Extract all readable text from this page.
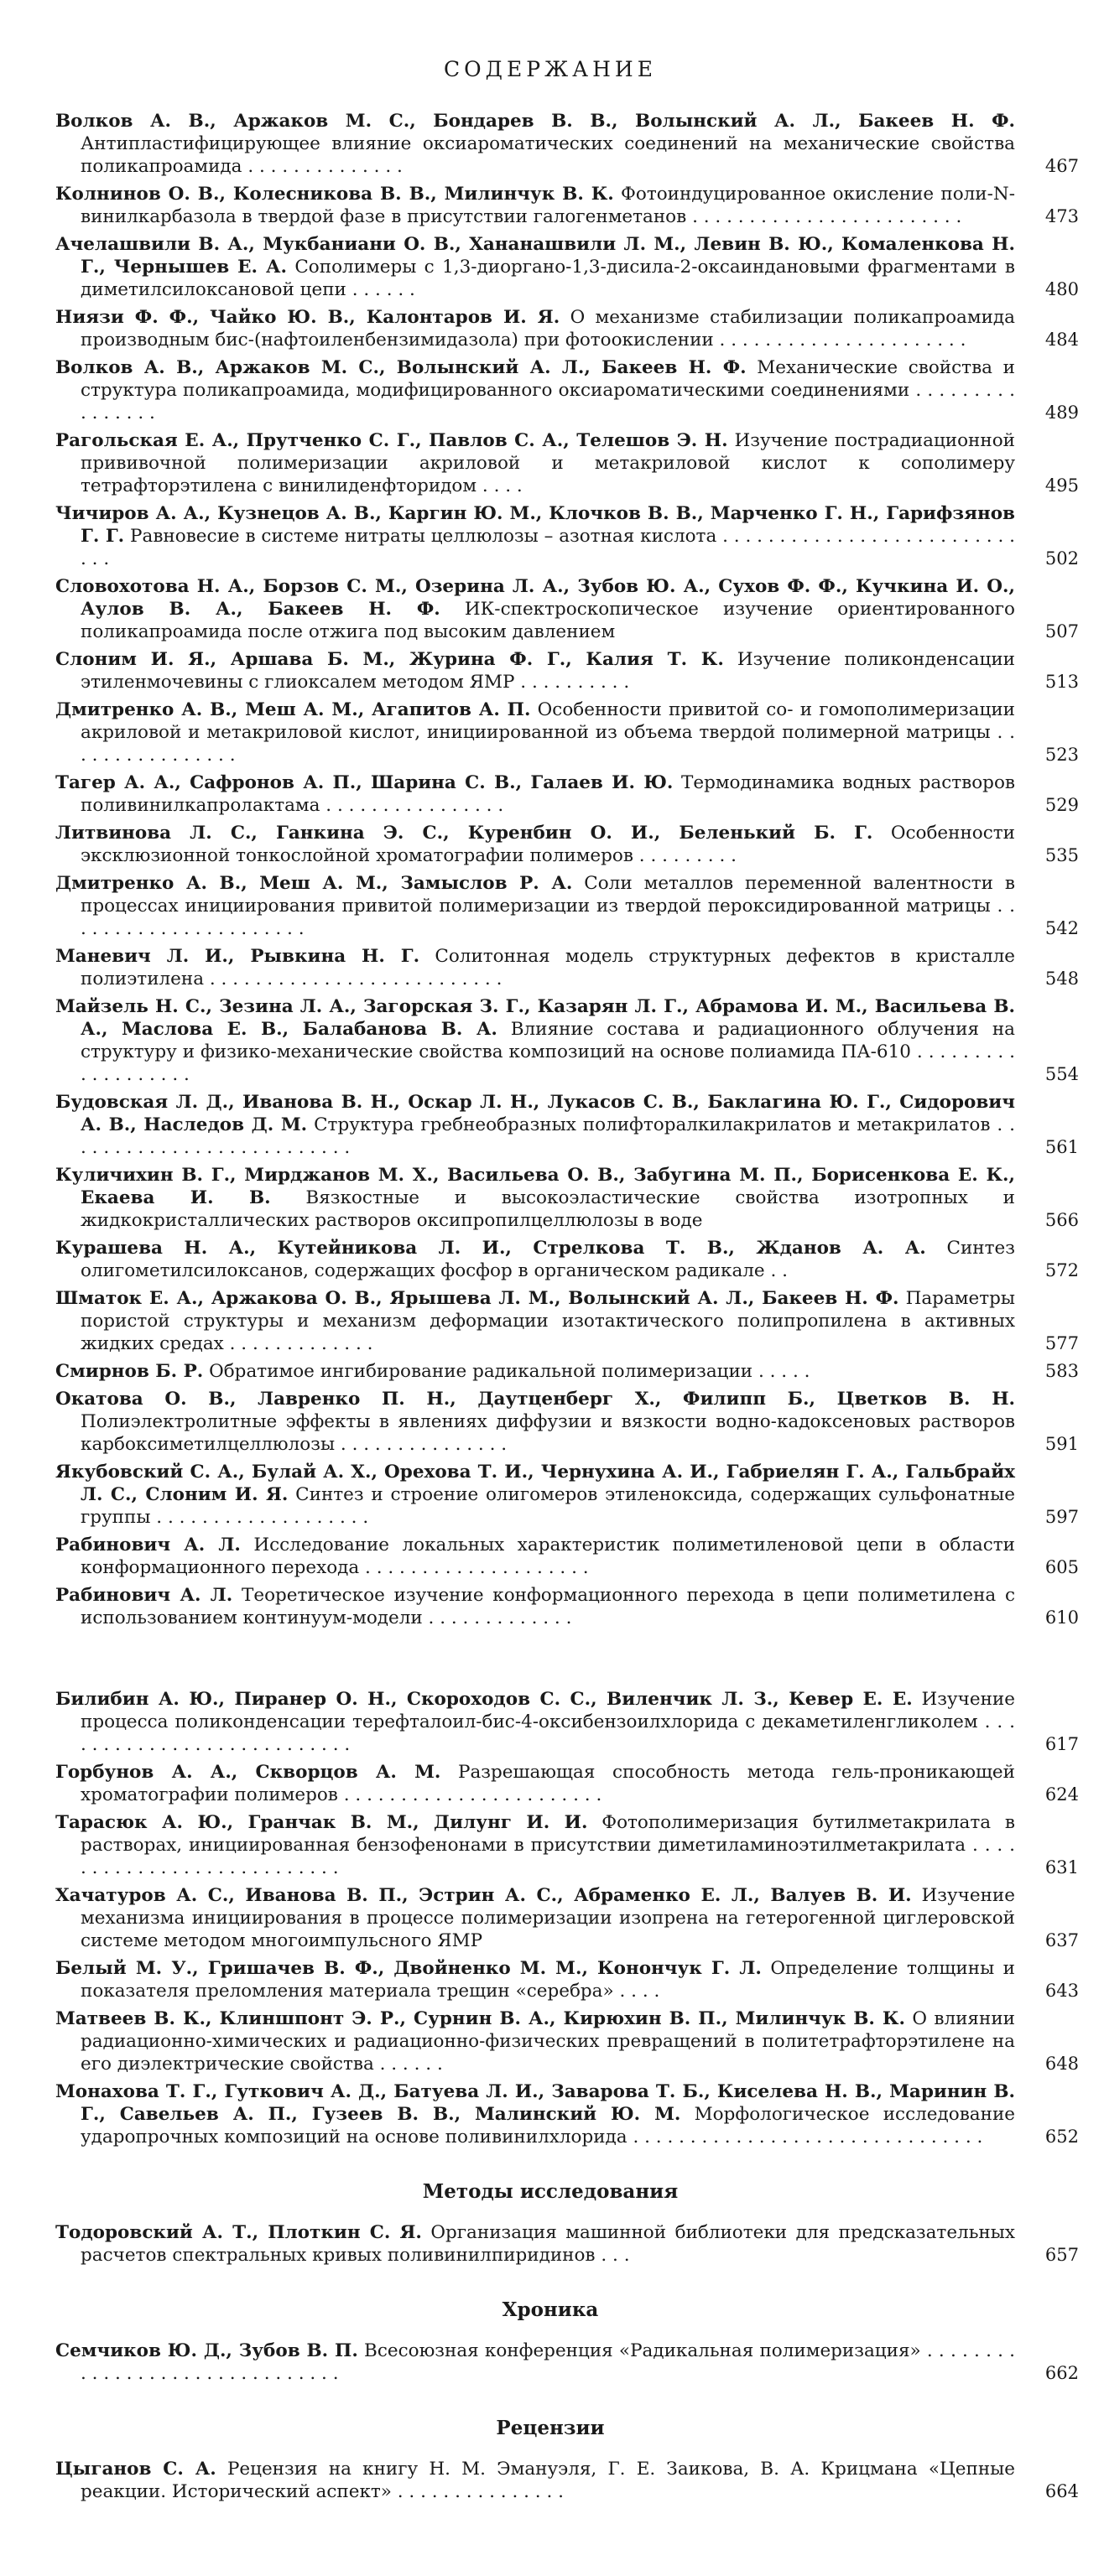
СОДЕРЖАНИЕ
Волков А. В., Аржаков М. С., Бондарев В. В., Волынский А. Л., Бакеев Н. Ф. Антипластифицирующее влияние оксиароматических соединений на механические свойства поликапроамида . . . . . . . . . . . . . .	467
Колнинов О. В., Колесникова В. В., Милинчук В. К. Фотоиндуцированное окисление поли-N-винилкарбазола в твердой фазе в присутствии галогенметанов . . . . . . . . . . . . . . . . . . . . . . . .	473
Ачелашвили В. А., Мукбаниани О. В., Хананашвили Л. М., Левин В. Ю., Комаленкова Н. Г., Чернышев Е. А. Сополимеры с 1,3-диоргано-1,3-дисила-2-оксаиндановыми фрагментами в диметилсилоксановой цепи . . . . . .	480
Ниязи Ф. Ф., Чайко Ю. В., Калонтаров И. Я. О механизме стабилизации поликапроамида производным бис-(нафтоиленбензимидазола) при фотоокислении . . . . . . . . . . . . . . . . . . . . . .	484
Волков А. В., Аржаков М. С., Волынский А. Л., Бакеев Н. Ф. Механические свойства и структура поликапроамида, модифицированного оксиароматическими соединениями . . . . . . . . . . . . . . . .	489
Рагольская Е. А., Прутченко С. Г., Павлов С. А., Телешов Э. Н. Изучение пострадиационной прививочной полимеризации акриловой и метакриловой кислот к сополимеру тетрафторэтилена с винилиденфторидом . . . .	495
Чичиров А. А., Кузнецов А. В., Каргин Ю. М., Клочков В. В., Марченко Г. Н., Гарифзянов Г. Г. Равновесие в системе нитраты целлюлозы – азотная кислота . . . . . . . . . . . . . . . . . . . . . . . . . . . . .	502
Словохотова Н. А., Борзов С. М., Озерина Л. А., Зубов Ю. А., Сухов Ф. Ф., Кучкина И. О., Аулов В. А., Бакеев Н. Ф. ИК-спектроскопическое изучение ориентированного поликапроамида после отжига под высоким давлением	507
Слоним И. Я., Аршава Б. М., Журина Ф. Г., Калия Т. К. Изучение поликонденсации этиленмочевины с глиоксалем методом ЯМР . . . . . . . . . .	513
Дмитренко А. В., Меш А. М., Агапитов А. П. Особенности привитой со- и гомополимеризации акриловой и метакриловой кислот, инициированной из объема твердой полимерной матрицы . . . . . . . . . . . . . . . .	523
Тагер А. А., Сафронов А. П., Шарина С. В., Галаев И. Ю. Термодинамика водных растворов поливинилкапролактама . . . . . . . . . . . . . . . .	529
Литвинова Л. С., Ганкина Э. С., Куренбин О. И., Беленький Б. Г. Особенности эксклюзионной тонкослойной хроматографии полимеров . . . . . . . . .	535
Дмитренко А. В., Меш А. М., Замыслов Р. А. Соли металлов переменной валентности в процессах инициирования привитой полимеризации из твердой пероксидированной матрицы . . . . . . . . . . . . . . . . . . . . . .	542
Маневич Л. И., Рывкина Н. Г. Солитонная модель структурных дефектов в кристалле полиэтилена . . . . . . . . . . . . . . . . . . . . . . . . . .	548
Майзель Н. С., Зезина Л. А., Загорская З. Г., Казарян Л. Г., Абрамова И. М., Васильева В. А., Маслова Е. В., Балабанова В. А. Влияние состава и радиационного облучения на структуру и физико-механические свойства композиций на основе полиамида ПА-610 . . . . . . . . . . . . . . . . . . .	554
Будовская Л. Д., Иванова В. Н., Оскар Л. Н., Лукасов С. В., Баклагина Ю. Г., Сидорович А. В., Наследов Д. М. Структура гребнеобразных полифторалкилакрилатов и метакрилатов . . . . . . . . . . . . . . . . . . . . . . . . . .	561
Куличихин В. Г., Мирджанов М. Х., Васильева О. В., Забугина М. П., Борисенкова Е. К., Екаева И. В. Вязкостные и высокоэластические свойства изотропных и жидкокристаллических растворов оксипропилцеллюлозы в воде	566
Курашева Н. А., Кутейникова Л. И., Стрелкова Т. В., Жданов А. А. Синтез олигометилсилоксанов, содержащих фосфор в органическом радикале . .	572
Шматок Е. А., Аржакова О. В., Ярышева Л. М., Волынский А. Л., Бакеев Н. Ф. Параметры пористой структуры и механизм деформации изотактического полипропилена в активных жидких средах . . . . . . . . . . . . .	577
Смирнов Б. Р. Обратимое ингибирование радикальной полимеризации . . . . .	583
Окатова О. В., Лавренко П. Н., Даутценберг Х., Филипп Б., Цветков В. Н. Полиэлектролитные эффекты в явлениях диффузии и вязкости водно-кадоксеновых растворов карбоксиметилцеллюлозы . . . . . . . . . . . . . . .	591
Якубовский С. А., Булай А. Х., Орехова Т. И., Чернухина А. И., Габриелян Г. А., Гальбрайх Л. С., Слоним И. Я. Синтез и строение олигомеров этиленоксида, содержащих сульфонатные группы . . . . . . . . . . . . . . . . . . .	597
Рабинович А. Л. Исследование локальных характеристик полиметиленовой цепи в области конформационного перехода . . . . . . . . . . . . . . . . . . . .	605
Рабинович А. Л. Теоретическое изучение конформационного перехода в цепи полиметилена с использованием континуум-модели . . . . . . . . . . . . .	610
Билибин А. Ю., Пиранер О. Н., Скороходов С. С., Виленчик Л. З., Кевер Е. Е. Изучение процесса поликонденсации терефталоил-бис-4-оксибензоилхлорида с декаметиленгликолем . . . . . . . . . . . . . . . . . . . . . . . . . . .	617
Горбунов А. А., Скворцов А. М. Разрешающая способность метода гель-проникающей хроматографии полимеров . . . . . . . . . . . . . . . . . . . . . . .	624
Тарасюк А. Ю., Гранчак В. М., Дилунг И. И. Фотополимеризация бутилметакрилата в растворах, инициированная бензофенонами в присутствии диметиламиноэтилметакрилата . . . . . . . . . . . . . . . . . . . . . . . . . . .	631
Хачатуров А. С., Иванова В. П., Эстрин А. С., Абраменко Е. Л., Валуев В. И. Изучение механизма инициирования в процессе полимеризации изопрена на гетерогенной циглеровской системе методом многоимпульсного ЯМР	637
Белый М. У., Гришачев В. Ф., Двойненко М. М., Конончук Г. Л. Определение толщины и показателя преломления материала трещин «серебра» . . . .	643
Матвеев В. К., Клиншпонт Э. Р., Сурнин В. А., Кирюхин В. П., Милинчук В. К. О влиянии радиационно-химических и радиационно-физических превращений в политетрафторэтилене на его диэлектрические свойства . . . . . .	648
Монахова Т. Г., Гуткович А. Д., Батуева Л. И., Заварова Т. Б., Киселева Н. В., Маринин В. Г., Савельев А. П., Гузеев В. В., Малинский Ю. М. Морфологическое исследование ударопрочных композиций на основе поливинилхлорида . . . . . . . . . . . . . . . . . . . . . . . . . . . . . . .	652
Методы исследования
Тодоровский А. Т., Плоткин С. Я. Организация машинной библиотеки для предсказательных расчетов спектральных кривых поливинилпиридинов . . .	657
Хроника
Семчиков Ю. Д., Зубов В. П. Всесоюзная конференция «Радикальная полимеризация» . . . . . . . . . . . . . . . . . . . . . . . . . . . . . . .	662
Рецензии
Цыганов С. А. Рецензия на книгу Н. М. Эмануэля, Г. Е. Заикова, В. А. Крицмана «Цепные реакции. Исторический аспект» . . . . . . . . . . . . . . .	664
